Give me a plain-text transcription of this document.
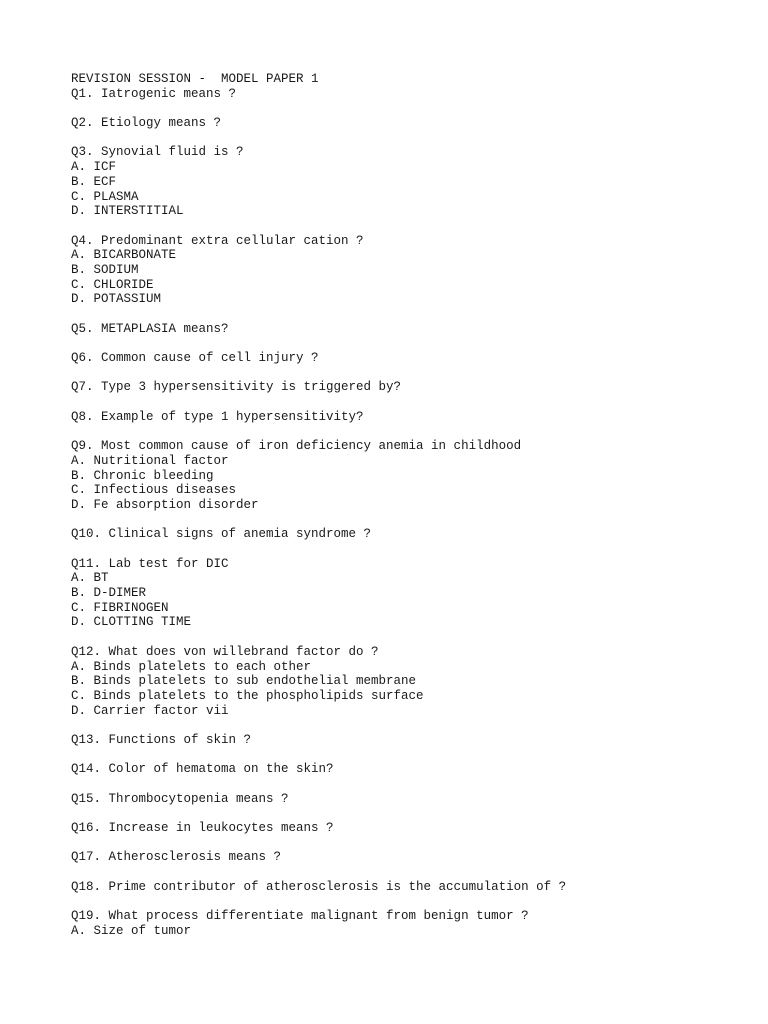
REVISION SESSION -  MODEL PAPER 1
Q1. Iatrogenic means ?
Q2. Etiology means ?
Q3. Synovial fluid is ?
A. ICF
B. ECF
C. PLASMA
D. INTERSTITIAL
Q4. Predominant extra cellular cation ?
A. BICARBONATE
B. SODIUM
C. CHLORIDE
D. POTASSIUM
Q5. METAPLASIA means?
Q6. Common cause of cell injury ?
Q7. Type 3 hypersensitivity is triggered by?
Q8. Example of type 1 hypersensitivity?
Q9. Most common cause of iron deficiency anemia in childhood
A. Nutritional factor
B. Chronic bleeding
C. Infectious diseases
D. Fe absorption disorder
Q10. Clinical signs of anemia syndrome ?
Q11. Lab test for DIC
A. BT
B. D-DIMER
C. FIBRINOGEN
D. CLOTTING TIME
Q12. What does von willebrand factor do ?
A. Binds platelets to each other
B. Binds platelets to sub endothelial membrane
C. Binds platelets to the phospholipids surface
D. Carrier factor vii
Q13. Functions of skin ?
Q14. Color of hematoma on the skin?
Q15. Thrombocytopenia means ?
Q16. Increase in leukocytes means ?
Q17. Atherosclerosis means ?
Q18. Prime contributor of atherosclerosis is the accumulation of ?
Q19. What process differentiate malignant from benign tumor ?
A. Size of tumor
